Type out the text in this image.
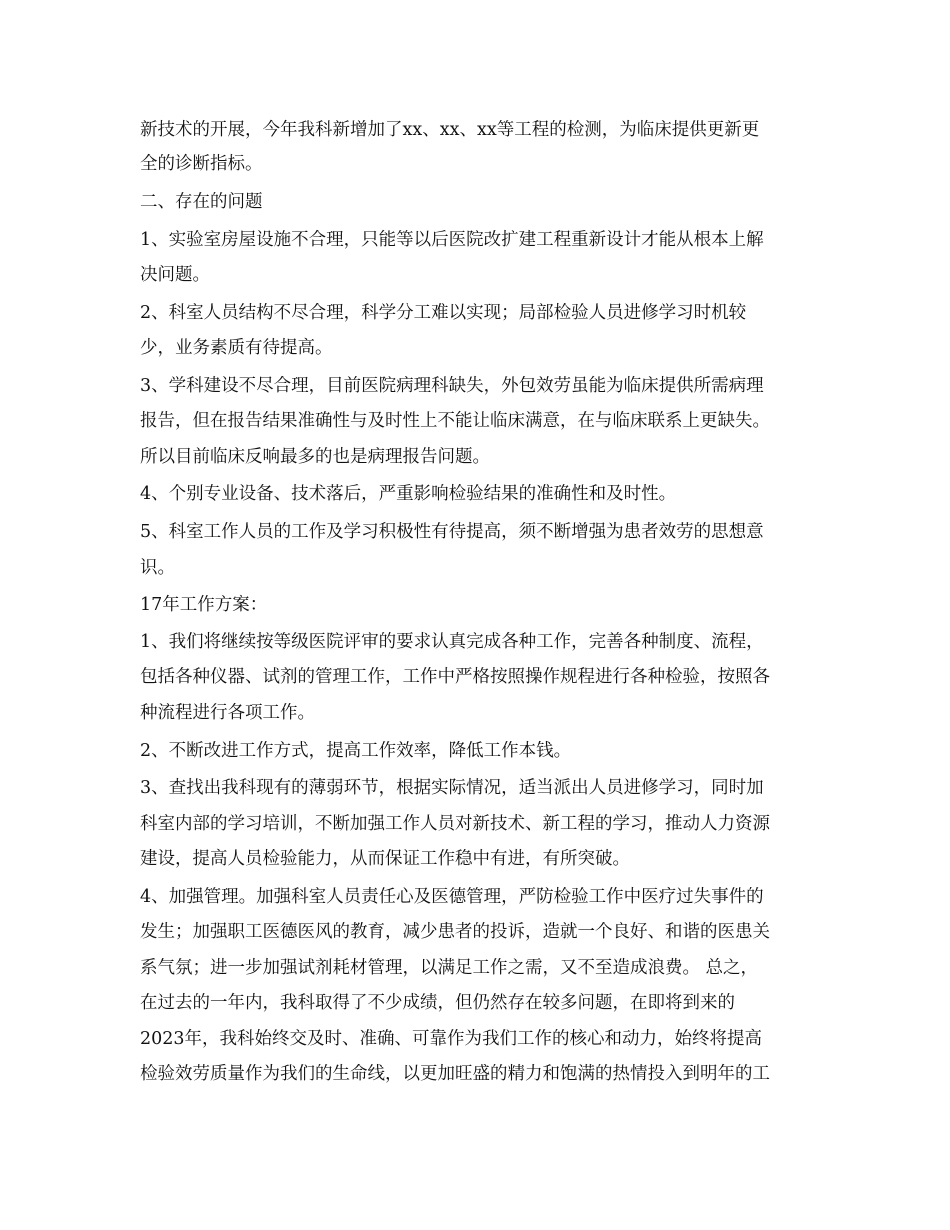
新技术的开展，今年我科新增加了xx、xx、xx等工程的检测，为临床提供更新更
全的诊断指标。
二、存在的问题
1、实验室房屋设施不合理，只能等以后医院改扩建工程重新设计才能从根本上解
决问题。
2、科室人员结构不尽合理，科学分工难以实现；局部检验人员进修学习时机较
少，业务素质有待提高。
3、学科建设不尽合理，目前医院病理科缺失，外包效劳虽能为临床提供所需病理
报告，但在报告结果准确性与及时性上不能让临床满意，在与临床联系上更缺失。
所以目前临床反响最多的也是病理报告问题。
4、个别专业设备、技术落后，严重影响检验结果的准确性和及时性。
5、科室工作人员的工作及学习积极性有待提高，须不断增强为患者效劳的思想意
识。
17年工作方案：
1、我们将继续按等级医院评审的要求认真完成各种工作，完善各种制度、流程，
包括各种仪器、试剂的管理工作，工作中严格按照操作规程进行各种检验，按照各
种流程进行各项工作。
2、不断改进工作方式，提高工作效率，降低工作本钱。
3、查找出我科现有的薄弱环节，根据实际情况，适当派出人员进修学习，同时加
科室内部的学习培训，不断加强工作人员对新技术、新工程的学习，推动人力资源
建设，提高人员检验能力，从而保证工作稳中有进，有所突破。
4、加强管理。加强科室人员责任心及医德管理，严防检验工作中医疗过失事件的
发生；加强职工医德医风的教育，减少患者的投诉，造就一个良好、和谐的医患关
系气氛；进一步加强试剂耗材管理，以满足工作之需，又不至造成浪费。 总之，
在过去的一年内，我科取得了不少成绩，但仍然存在较多问题，在即将到来的
2023年，我科始终交及时、准确、可靠作为我们工作的核心和动力，始终将提高
检验效劳质量作为我们的生命线，以更加旺盛的精力和饱满的热情投入到明年的工
